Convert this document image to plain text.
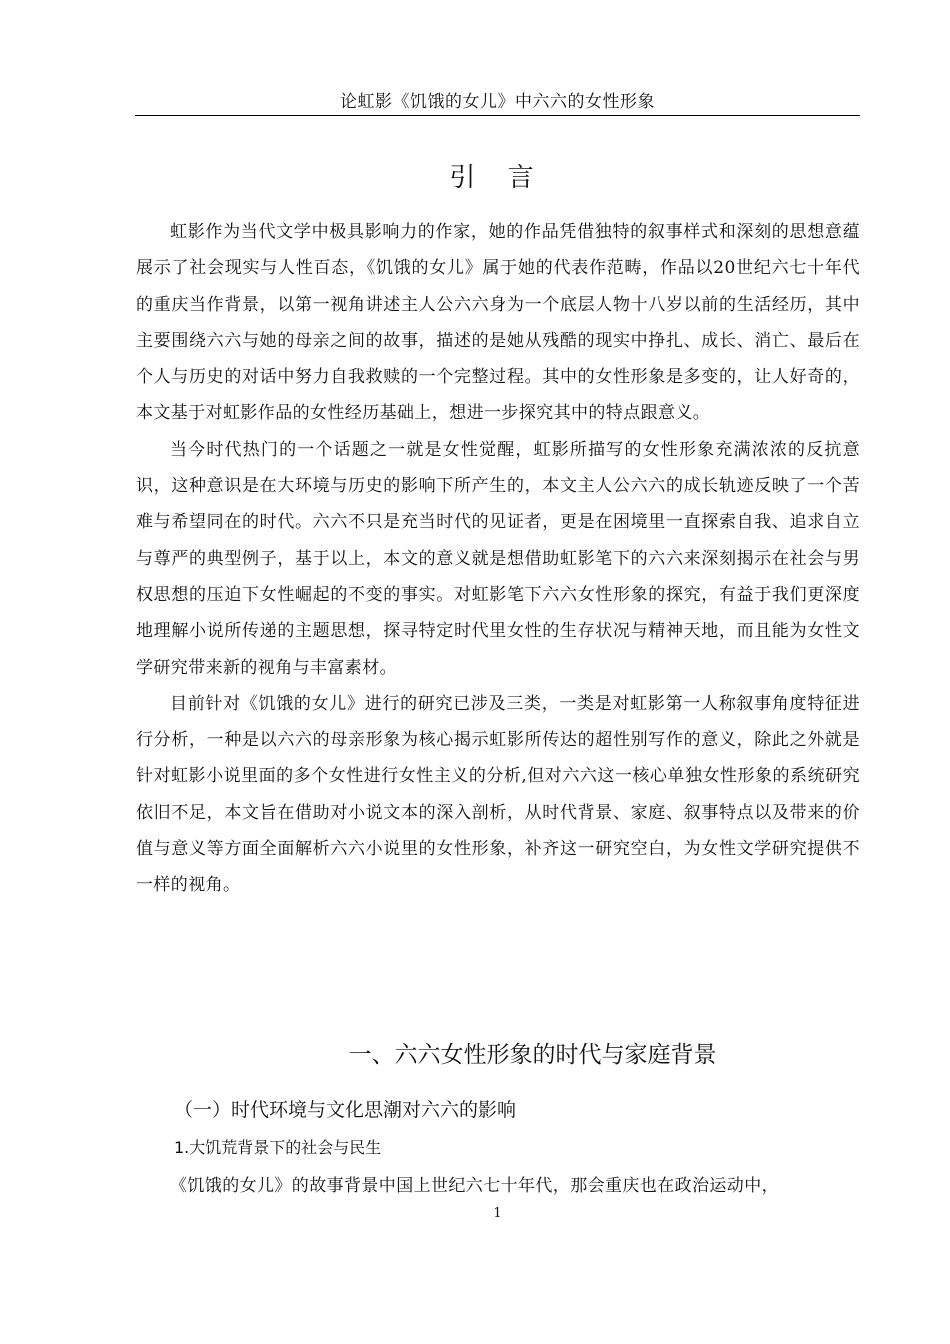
论虹影《饥饿的女儿》中六六的女性形象
引 言

虹影作为当代文学中极具影响力的作家，她的作品凭借独特的叙事样式和深刻的思想意蕴展示了社会现实与人性百态，《饥饿的女儿》属于她的代表作范畴，作品以20世纪六七十年代的重庆当作背景，以第一视角讲述主人公六六身为一个底层人物十八岁以前的生活经历，其中主要围绕六六与她的母亲之间的故事，描述的是她从残酷的现实中挣扎、成长、消亡、最后在个人与历史的对话中努力自我救赎的一个完整过程。其中的女性形象是多变的，让人好奇的，本文基于对虹影作品的女性经历基础上，想进一步探究其中的特点跟意义。

当今时代热门的一个话题之一就是女性觉醒，虹影所描写的女性形象充满浓浓的反抗意识，这种意识是在大环境与历史的影响下所产生的，本文主人公六六的成长轨迹反映了一个苦难与希望同在的时代。六六不只是充当时代的见证者，更是在困境里一直探索自我、追求自立与尊严的典型例子，基于以上，本文的意义就是想借助虹影笔下的六六来深刻揭示在社会与男权思想的压迫下女性崛起的不变的事实。对虹影笔下六六女性形象的探究，有益于我们更深度地理解小说所传递的主题思想，探寻特定时代里女性的生存状况与精神天地，而且能为女性文学研究带来新的视角与丰富素材。

目前针对《饥饿的女儿》进行的研究已涉及三类，一类是对虹影第一人称叙事角度特征进行分析，一种是以六六的母亲形象为核心揭示虹影所传达的超性别写作的意义，除此之外就是针对虹影小说里面的多个女性进行女性主义的分析,但对六六这一核心单独女性形象的系统研究依旧不足，本文旨在借助对小说文本的深入剖析，从时代背景、家庭、叙事特点以及带来的价值与意义等方面全面解析六六小说里的女性形象，补齐这一研究空白，为女性文学研究提供不一样的视角。

一、六六女性形象的时代与家庭背景
（一）时代环境与文化思潮对六六的影响
1.大饥荒背景下的社会与民生

《饥饿的女儿》的故事背景中国上世纪六七十年代，那会重庆也在政治运动中，

1
